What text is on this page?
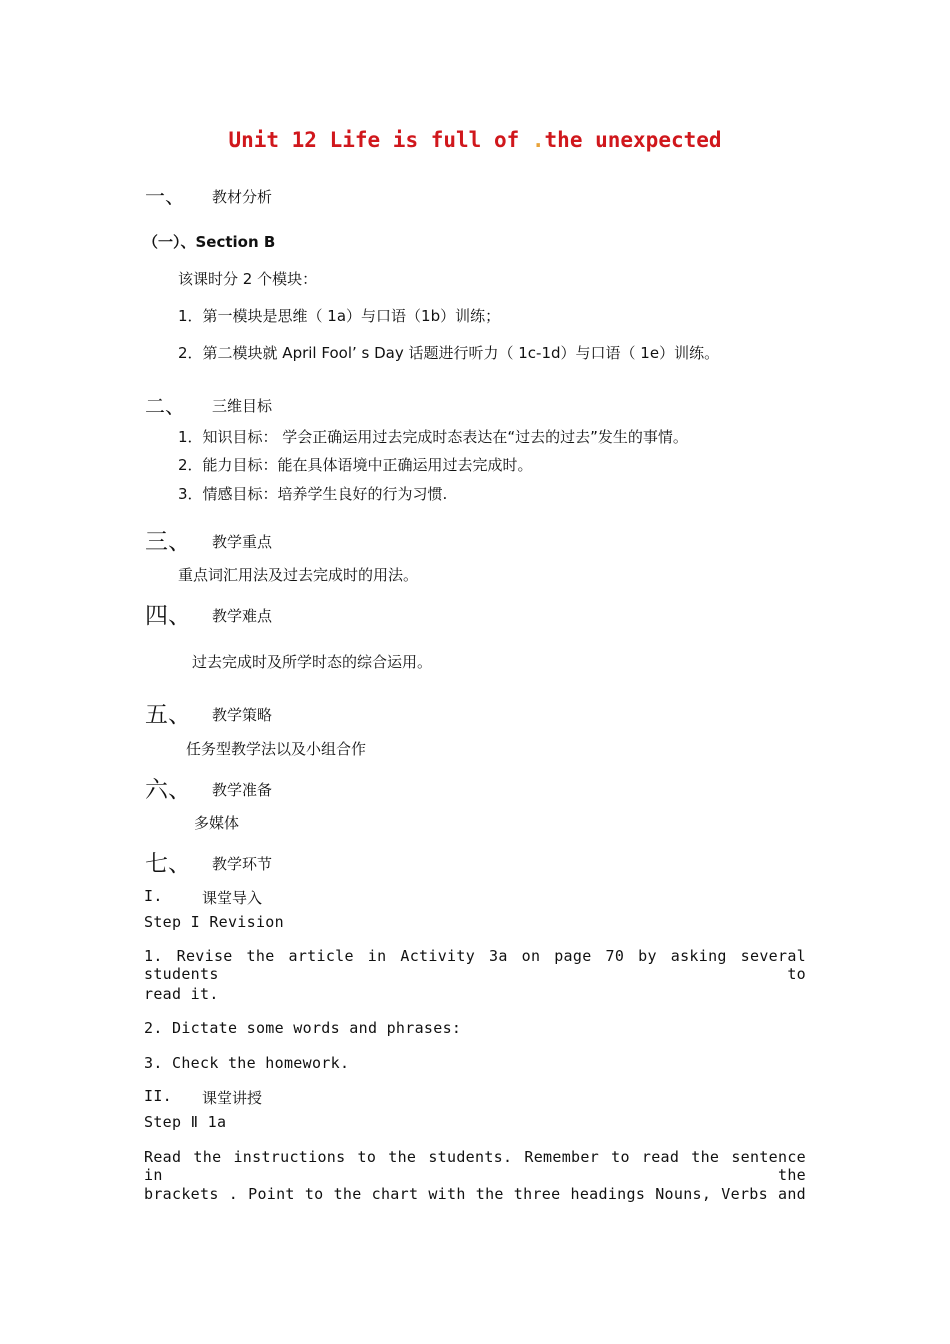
Unit 12 Life is full of .the unexpected
一、 教材分析
（一）、Section B
该课时分 2 个模块：
1．第一模块是思维（ 1a）与口语（1b）训练；
2．第二模块就 April Fool’ s Day 话题进行听力（ 1c-1d）与口语（ 1e）训练。
二、 三维目标
1．知识目标： 学会正确运用过去完成时态表达在“过去的过去”发生的事情。
2．能力目标：能在具体语境中正确运用过去完成时。
3．情感目标：培养学生良好的行为习惯.
三、 教学重点
重点词汇用法及过去完成时的用法。
四、 教学难点
过去完成时及所学时态的综合运用。
五、 教学策略
任务型教学法以及小组合作
六、 教学准备
多媒体
七、 教学环节
I.	课堂导入
Step I Revision
1. Revise the article in Activity 3a on page 70 by asking several students to
read it.
2. Dictate some words and phrases:
3. Check the homework.
II. 课堂讲授
Step Ⅱ 1a
Read the instructions to the students. Remember to read the sentence in the
brackets . Point to the chart with the three headings Nouns, Verbs and
